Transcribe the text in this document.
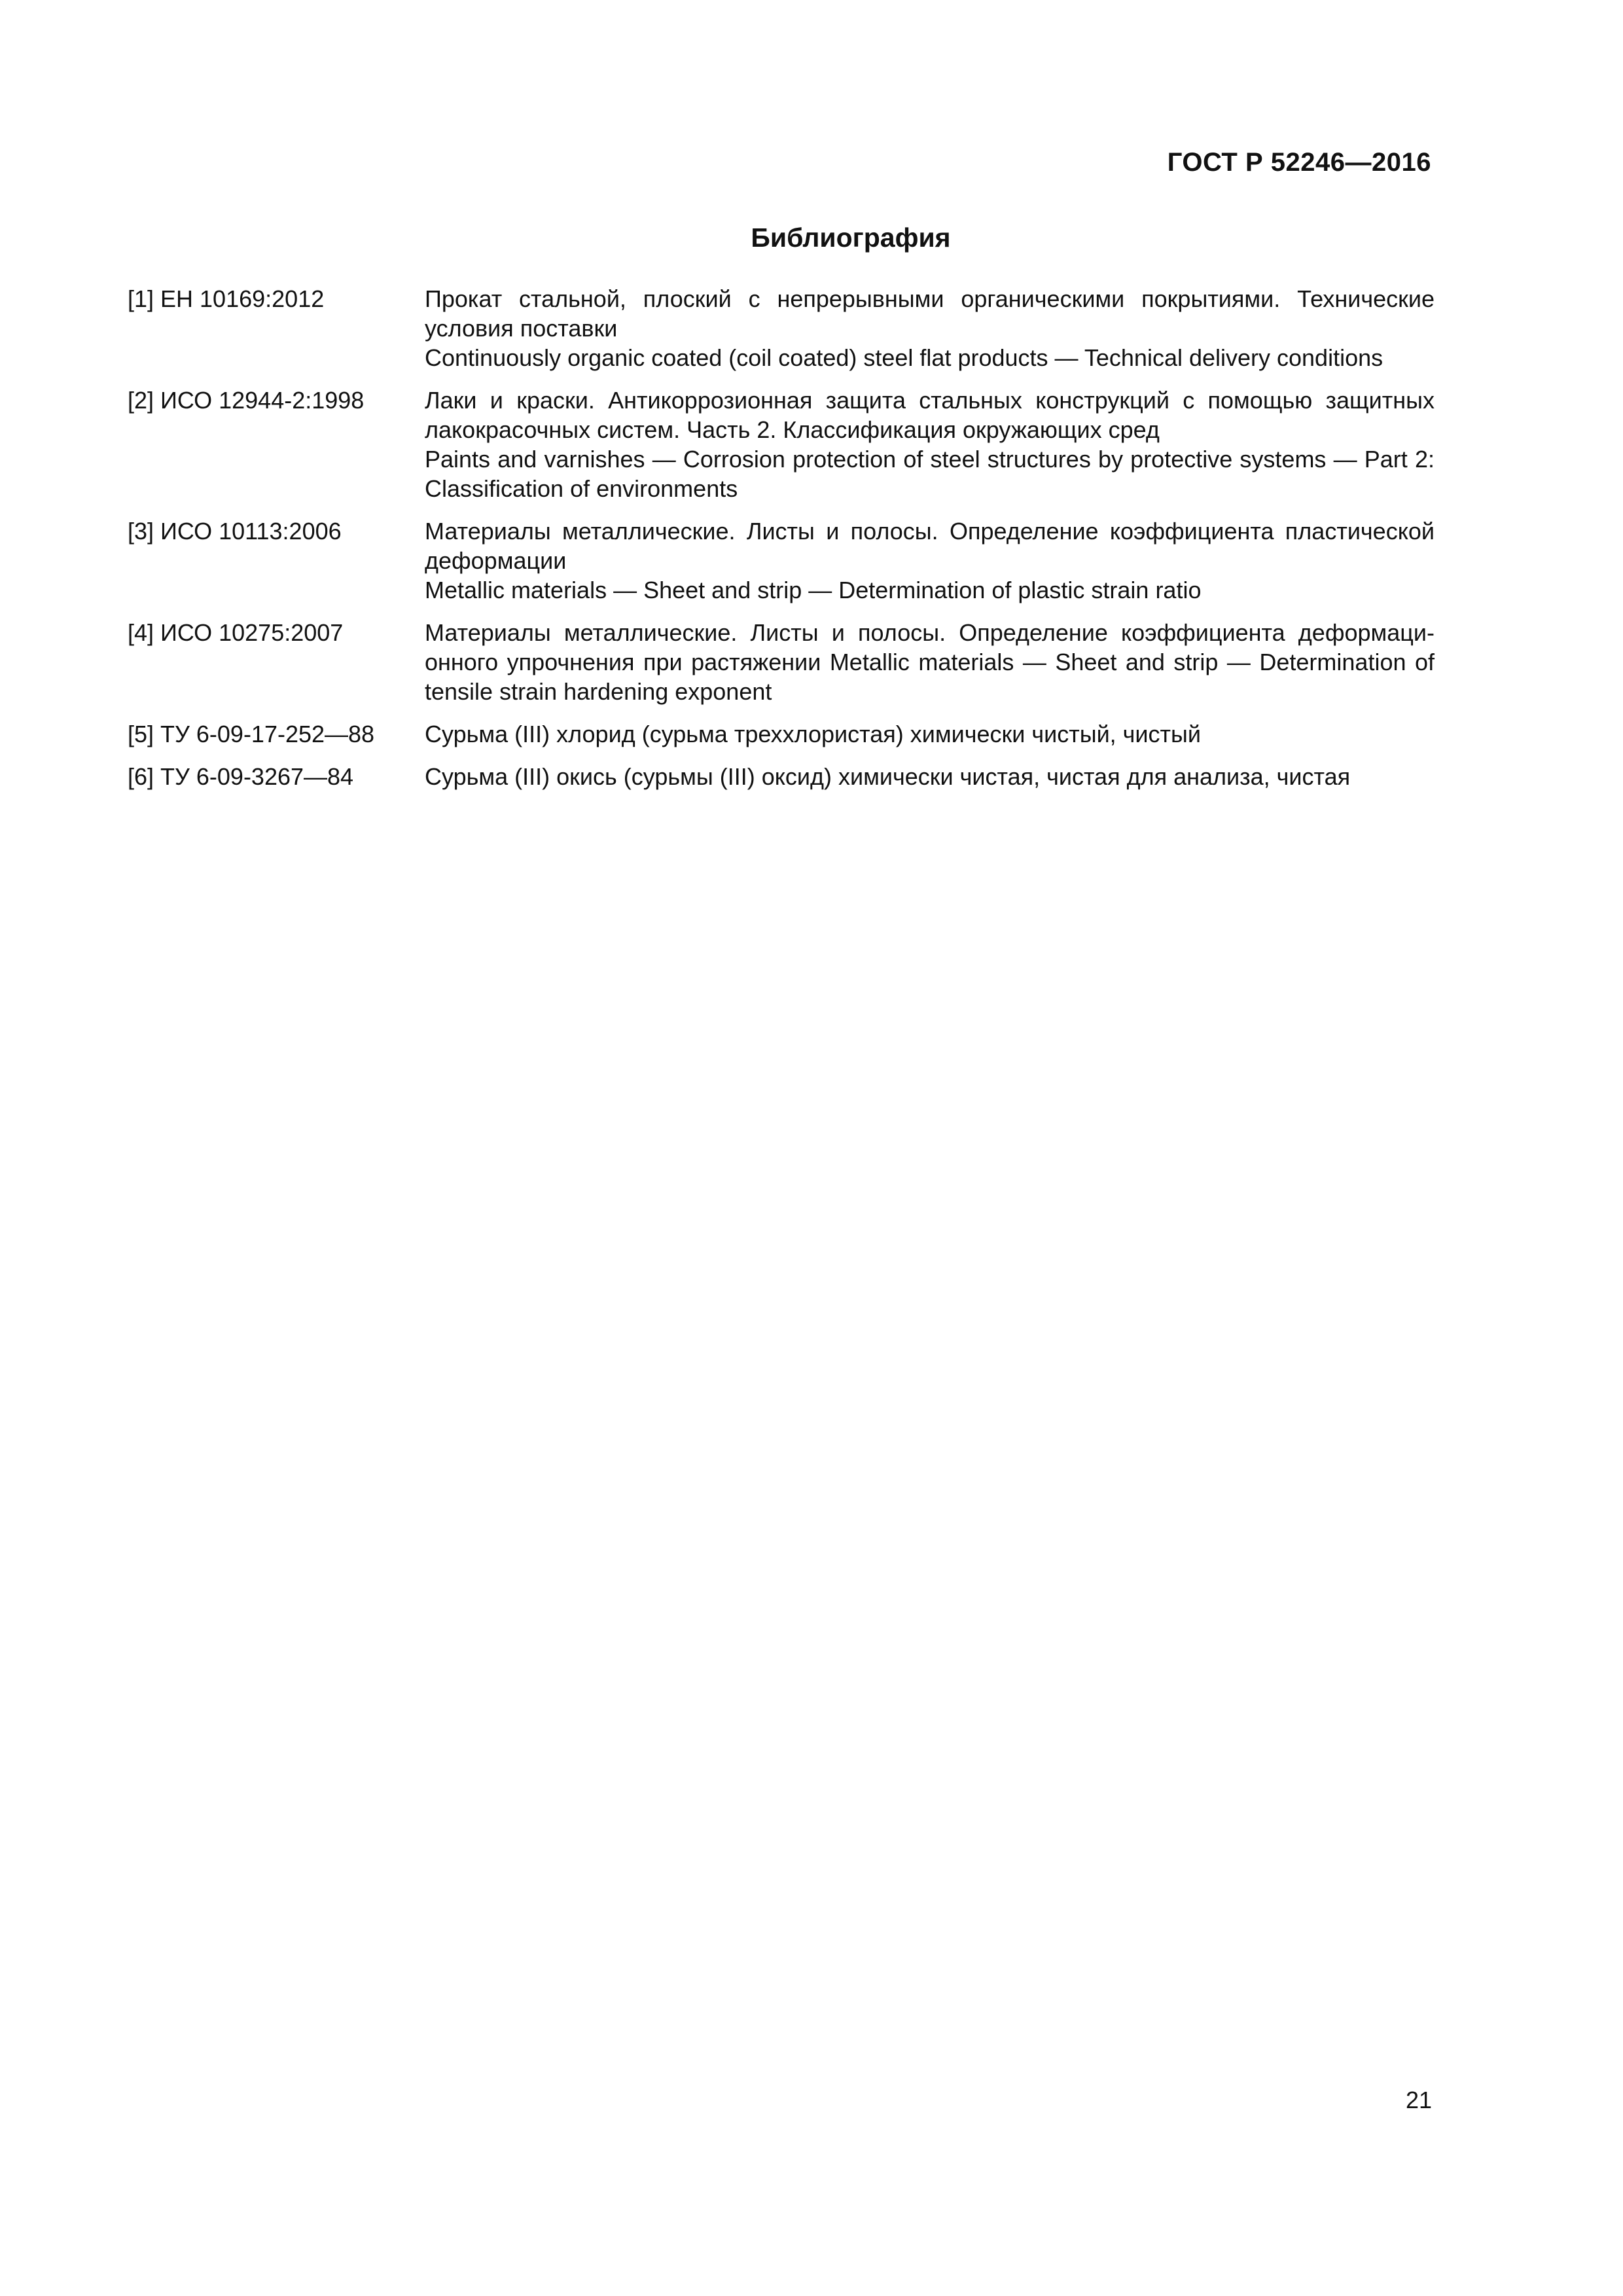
ГОСТ Р 52246—2016
Библиография
[1] ЕН 10169:2012	Прокат стальной, плоский с непрерывными органическими покрытиями. Технические условия поставки
Continuously organic coated (coil coated) steel flat products — Technical delivery conditions
[2] ИСО 12944-2:1998	Лаки и краски. Антикоррозионная защита стальных конструкций с помощью защитных лакокрасочных систем. Часть 2. Классификация окружающих сред
Paints and varnishes — Corrosion protection of steel structures by protective systems — Part 2: Classification of environments
[3] ИСО 10113:2006	Материалы металлические. Листы и полосы. Определение коэффициента пластической деформации
Metallic materials — Sheet and strip — Determination of plastic strain ratio
[4] ИСО 10275:2007	Материалы металлические. Листы и полосы. Определение коэффициента деформационного упрочнения при растяжении Metallic materials — Sheet and strip — Determination of tensile strain hardening exponent
[5] ТУ 6-09-17-252—88	Сурьма (III) хлорид (сурьма треххлористая) химически чистый, чистый
[6] ТУ 6-09-3267—84	Сурьма (III) окись (сурьмы (III) оксид) химически чистая, чистая для анализа, чистая
21
